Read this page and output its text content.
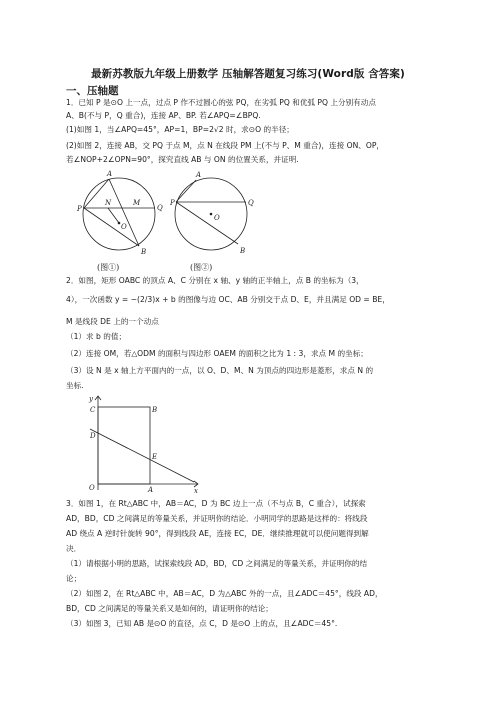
最新苏教版九年级上册数学 压轴解答题复习练习(Word版 含答案)
一、压轴题
1．已知 P 是⊙O 上一点，过点 P 作不过圆心的弦 PQ，在劣弧 PQ 和优弧 PQ 上分别有动点
A、B(不与 P，Q 重合)，连接 AP、BP. 若∠APQ=∠BPQ.
(1)如图 1，当∠APQ=45°，AP=1，BP=2√2 时，求⊙O 的半径；
(2)如图 2，连接 AB，交 PQ 于点 M，点 N 在线段 PM 上(不与 P、M 重合)，连接 ON、OP，
若∠NOP+2∠OPN=90°，探究直线 AB 与 ON 的位置关系，并证明.
P
A
Q
M
N
O
B
(图①)
P
A
Q
O
B
(图②)
2．如图，矩形 OABC 的顶点 A、C 分别在 x 轴、y 轴的正半轴上，点 B 的坐标为（3，
4），一次函数 y = −(2/3)x + b 的图像与边 OC、AB 分别交于点 D、E，并且满足 OD = BE，
M 是线段 DE 上的一个动点
（1）求 b 的值；
（2）连接 OM，若△ODM 的面积与四边形 OAEM 的面积之比为 1 : 3，求点 M 的坐标；
（3）设 N 是 x 轴上方平面内的一点，以 O、D、M、N 为顶点的四边形是菱形，求点 N 的
坐标.
y
x
O	A
B
C
D
E
3．如图 1，在 Rt△ABC 中，AB＝AC，D 为 BC 边上一点（不与点 B，C 重合），试探索
AD，BD，CD 之间满足的等量关系，并证明你的结论．小明同学的思路是这样的：将线段
AD 绕点 A 逆时针旋转 90°，得到线段 AE，连接 EC，DE．继续推理就可以使问题得到解
决．
（1）请根据小明的思路，试探索线段 AD，BD，CD 之间满足的等量关系，并证明你的结
论；
（2）如图 2，在 Rt△ABC 中，AB＝AC，D 为△ABC 外的一点，且∠ADC＝45°，线段 AD，
BD，CD 之间满足的等量关系又是如何的，请证明你的结论；
（3）如图 3，已知 AB 是⊙O 的直径，点 C，D 是⊙O 上的点，且∠ADC＝45°.
